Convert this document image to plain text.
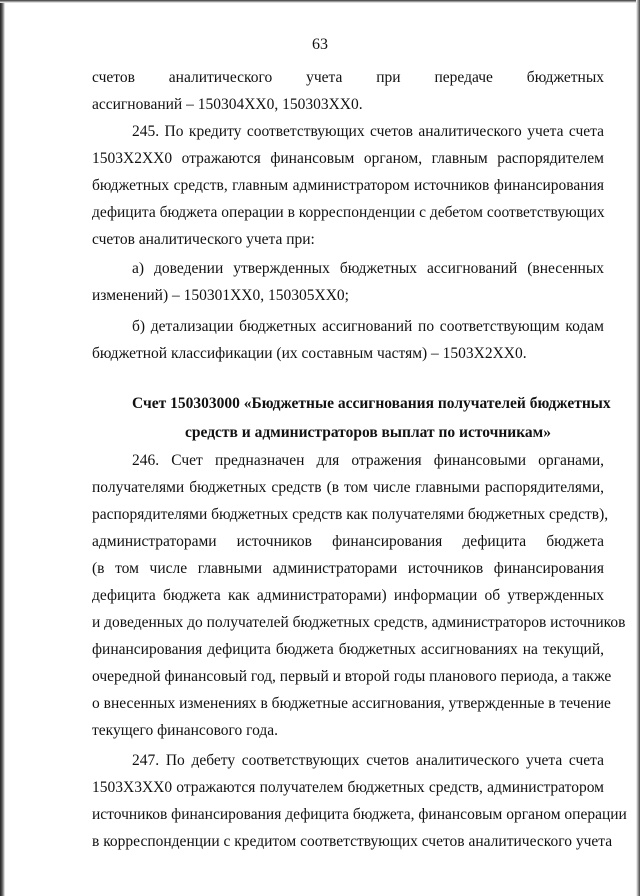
63

счетов аналитического учета при передаче бюджетных

ассигнований – 150304ХХ0, 150303ХХ0.

245. По кредиту соответствующих счетов аналитического учета счета

1503Х2ХХ0 отражаются финансовым органом, главным распорядителем

бюджетных средств, главным администратором источников финансирования

дефицита бюджета операции в корреспонденции с дебетом соответствующих

счетов аналитического учета при:

а) доведении утвержденных бюджетных ассигнований (внесенных

изменений) – 150301ХХ0, 150305ХХ0;

б) детализации бюджетных ассигнований по соответствующим кодам

бюджетной классификации (их составным частям) – 1503Х2ХХ0.

Счет 150303000 «Бюджетные ассигнования получателей бюджетных

средств и администраторов выплат по источникам»

246. Счет предназначен для отражения финансовыми органами,

получателями бюджетных средств (в том числе главными распорядителями,

распорядителями бюджетных средств как получателями бюджетных средств),

администраторами источников финансирования дефицита бюджета

(в том числе главными администраторами источников финансирования

дефицита бюджета как администраторами) информации об утвержденных

и доведенных до получателей бюджетных средств, администраторов источников

финансирования дефицита бюджета бюджетных ассигнованиях на текущий,

очередной финансовый год, первый и второй годы планового периода, а также

о внесенных изменениях в бюджетные ассигнования, утвержденные в течение

текущего финансового года.

247. По дебету соответствующих счетов аналитического учета счета

1503Х3ХХ0 отражаются получателем бюджетных средств, администратором

источников финансирования дефицита бюджета, финансовым органом операции

в корреспонденции с кредитом соответствующих счетов аналитического учета
